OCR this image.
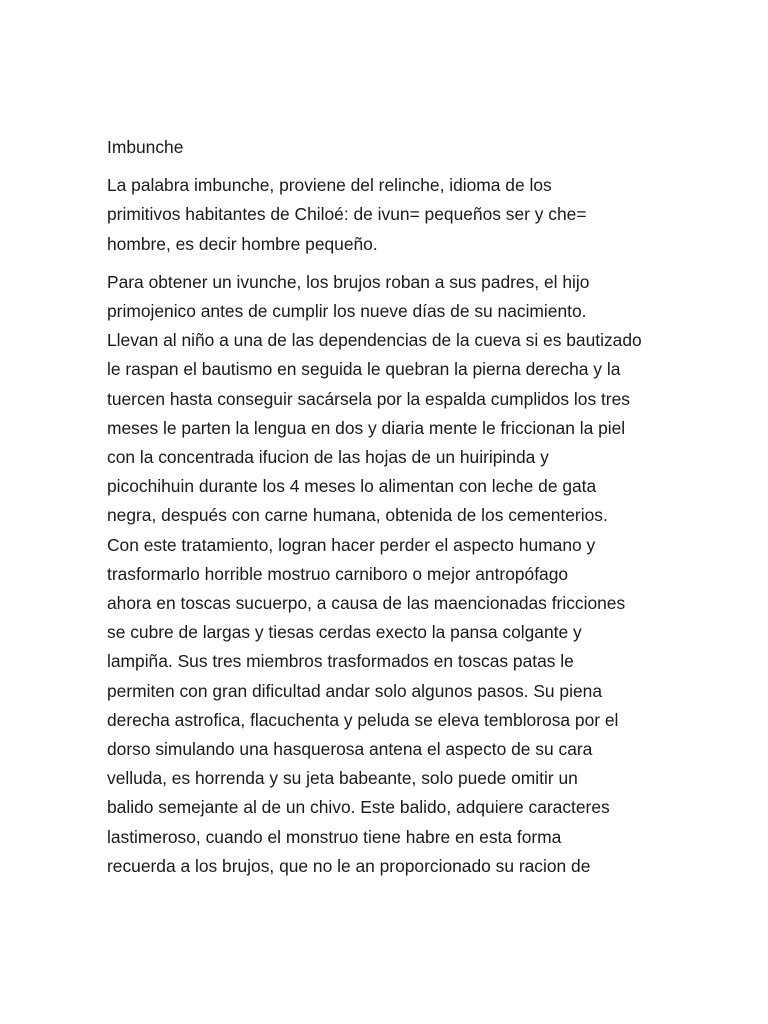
Imbunche
La palabra imbunche, proviene del relinche, idioma de los
primitivos habitantes de Chiloé: de ivun= pequeños ser y che=
hombre, es decir hombre pequeño.
Para obtener un ivunche, los brujos roban a sus padres, el hijo
primojenico antes de cumplir los nueve días de su nacimiento.
Llevan al niño a una de las dependencias de la cueva si es bautizado
le raspan el bautismo en seguida le quebran la pierna derecha y la
tuercen hasta conseguir sacársela por la espalda cumplidos los tres
meses le parten la lengua en dos y diaria mente le friccionan la piel
con la concentrada ifucion de las hojas de un huiripinda y
picochihuin durante los 4 meses lo alimentan con leche de gata
negra, después con carne humana, obtenida de los cementerios.
Con este tratamiento, logran hacer perder el aspecto humano y
trasformarlo horrible mostruo carniboro o mejor antropófago
ahora en toscas sucuerpo, a causa de las maencionadas fricciones
se cubre de largas y tiesas cerdas execto la pansa colgante y
lampiña. Sus tres miembros trasformados en toscas patas le
permiten con gran dificultad andar solo algunos pasos. Su piena
derecha astrofica, flacuchenta y peluda se eleva temblorosa por el
dorso simulando una hasquerosa antena el aspecto de su cara
velluda, es horrenda y su jeta babeante, solo puede omitir un
balido semejante al de un chivo. Este balido, adquiere caracteres
lastimeroso, cuando el monstruo tiene habre en esta forma
recuerda a los brujos, que no le an proporcionado su racion de
